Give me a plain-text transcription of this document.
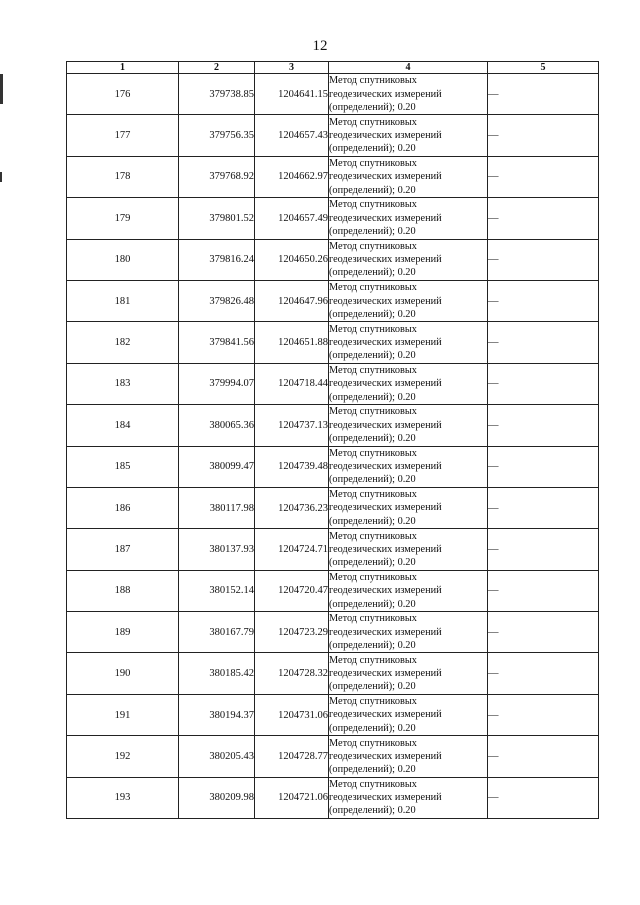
12
1	2	3	4	5
176	379738.85	1204641.15	Метод спутниковых
геодезических измерений
(определений); 0.20	—
177	379756.35	1204657.43	Метод спутниковых
геодезических измерений
(определений); 0.20	—
178	379768.92	1204662.97	Метод спутниковых
геодезических измерений
(определений); 0.20	—
179	379801.52	1204657.49	Метод спутниковых
геодезических измерений
(определений); 0.20	—
180	379816.24	1204650.26	Метод спутниковых
геодезических измерений
(определений); 0.20	—
181	379826.48	1204647.96	Метод спутниковых
геодезических измерений
(определений); 0.20	—
182	379841.56	1204651.88	Метод спутниковых
геодезических измерений
(определений); 0.20	—
183	379994.07	1204718.44	Метод спутниковых
геодезических измерений
(определений); 0.20	—
184	380065.36	1204737.13	Метод спутниковых
геодезических измерений
(определений); 0.20	—
185	380099.47	1204739.48	Метод спутниковых
геодезических измерений
(определений); 0.20	—
186	380117.98	1204736.23	Метод спутниковых
геодезических измерений
(определений); 0.20	—
187	380137.93	1204724.71	Метод спутниковых
геодезических измерений
(определений); 0.20	—
188	380152.14	1204720.47	Метод спутниковых
геодезических измерений
(определений); 0.20	—
189	380167.79	1204723.29	Метод спутниковых
геодезических измерений
(определений); 0.20	—
190	380185.42	1204728.32	Метод спутниковых
геодезических измерений
(определений); 0.20	—
191	380194.37	1204731.06	Метод спутниковых
геодезических измерений
(определений); 0.20	—
192	380205.43	1204728.77	Метод спутниковых
геодезических измерений
(определений); 0.20	—
193	380209.98	1204721.06	Метод спутниковых
геодезических измерений
(определений); 0.20	—
